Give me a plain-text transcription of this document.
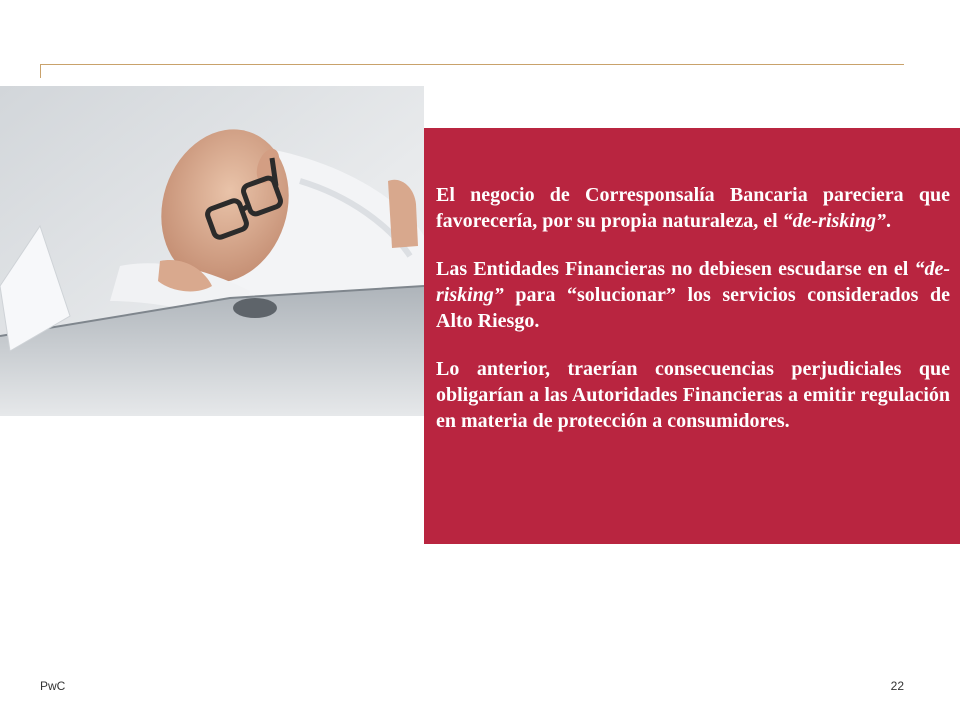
El negocio de Corresponsalía Bancaria pareciera que favorecería, por su propia naturaleza, el “de-risking”.

Las Entidades Financieras no debiesen escudarse en el “de-risking” para “solucionar” los servicios considerados de Alto Riesgo.

Lo anterior, traerían consecuencias perjudiciales que obligarían a las Autoridades Financieras a emitir regulación en materia de protección a consumidores.

PwC	22
